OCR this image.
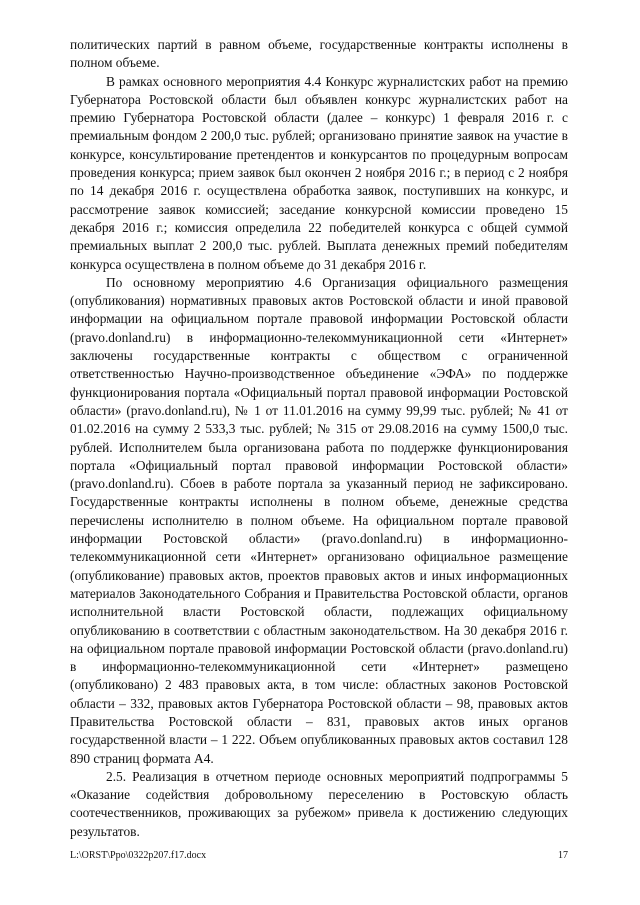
политических партий в равном объеме, государственные контракты исполнены в полном объеме.

В рамках основного мероприятия 4.4 Конкурс журналистских работ на премию Губернатора Ростовской области был объявлен конкурс журналистских работ на премию Губернатора Ростовской области (далее – конкурс) 1 февраля 2016 г. с премиальным фондом 2 200,0 тыс. рублей; организовано принятие заявок на участие в конкурсе, консультирование претендентов и конкурсантов по процедурным вопросам проведения конкурса; прием заявок был окончен 2 ноября 2016 г.; в период с 2 ноября по 14 декабря 2016 г. осуществлена обработка заявок, поступивших на конкурс, и рассмотрение заявок комиссией; заседание конкурсной комиссии проведено 15 декабря 2016 г.; комиссия определила 22 победителей конкурса с общей суммой премиальных выплат 2 200,0 тыс. рублей. Выплата денежных премий победителям конкурса осуществлена в полном объеме до 31 декабря 2016 г.

По основному мероприятию 4.6 Организация официального размещения (опубликования) нормативных правовых актов Ростовской области и иной правовой информации на официальном портале правовой информации Ростовской области (pravo.donland.ru) в информационно-телекоммуникационной сети «Интернет» заключены государственные контракты с обществом с ограниченной ответственностью Научно-производственное объединение «ЭФА» по поддержке функционирования портала «Официальный портал правовой информации Ростовской области» (pravo.donland.ru), № 1 от 11.01.2016 на сумму 99,99 тыс. рублей; № 41 от 01.02.2016 на сумму 2 533,3 тыс. рублей; № 315 от 29.08.2016 на сумму 1500,0 тыс. рублей. Исполнителем была организована работа по поддержке функционирования портала «Официальный портал правовой информации Ростовской области» (pravo.donland.ru). Сбоев в работе портала за указанный период не зафиксировано. Государственные контракты исполнены в полном объеме, денежные средства перечислены исполнителю в полном объеме. На официальном портале правовой информации Ростовской области» (pravo.donland.ru) в информационно-телекоммуникационной сети «Интернет» организовано официальное размещение (опубликование) правовых актов, проектов правовых актов и иных информационных материалов Законодательного Собрания и Правительства Ростовской области, органов исполнительной власти Ростовской области, подлежащих официальному опубликованию в соответствии с областным законодательством. На 30 декабря 2016 г. на официальном портале правовой информации Ростовской области (pravo.donland.ru) в информационно-телекоммуникационной сети «Интернет» размещено (опубликовано) 2 483 правовых акта, в том числе: областных законов Ростовской области – 332, правовых актов Губернатора Ростовской области – 98, правовых актов Правительства Ростовской области – 831, правовых актов иных органов государственной власти – 1 222. Объем опубликованных правовых актов составил 128 890 страниц формата А4.

2.5. Реализация в отчетном периоде основных мероприятий подпрограммы 5 «Оказание содействия добровольному переселению в Ростовскую область соотечественников, проживающих за рубежом» привела к достижению следующих результатов.

L:\ORST\Ppo\0322p207.f17.docx	17
